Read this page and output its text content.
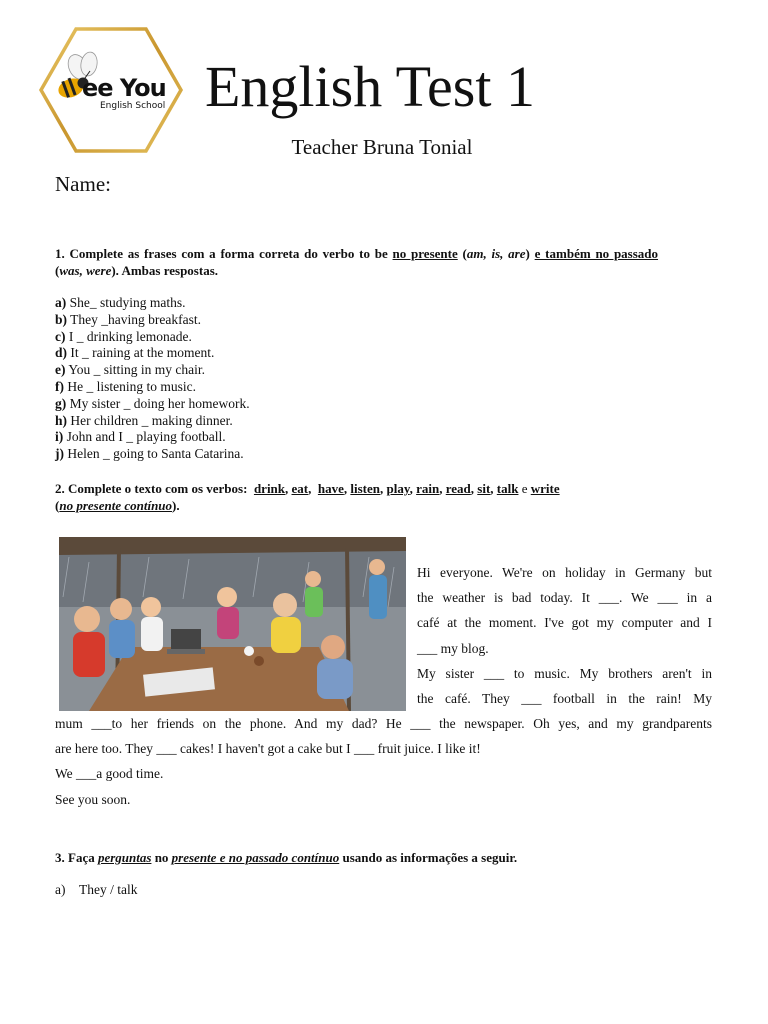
ee You
English School English Test 1
Teacher Bruna Tonial
Name:
1. Complete as frases com a forma correta do verbo to be no presente (am, is, are) e também no passado (was, were). Ambas respostas.
a) She_ studying maths.
b) They _having breakfast.
c) I _ drinking lemonade.
d) It _ raining at the moment.
e) You _ sitting in my chair.
f) He _ listening to music.
g) My sister _ doing her homework.
h) Her children _ making dinner.
i) John and I _ playing football.
j) Helen _ going to Santa Catarina.
2. Complete o texto com os verbos: drink, eat,  have, listen, play, rain, read, sit, talk e write
(no presente contínuo).
Hi everyone. We're on holiday in Germany but
the weather is bad today. It ___. We ___ in a
café at the moment. I've got my computer and I
___ my blog.
My sister ___ to music. My brothers aren't in
the café. They ___ football in the rain! My
mum ___to her friends on the phone. And my dad? He ___ the newspaper. Oh yes, and my grandparents
are here too. They ___ cakes! I haven't got a cake but I ___ fruit juice. I like it!
We ___a good time.
See you soon.
3. Faça perguntas no presente e no passado contínuo usando as informações a seguir.
a) They / talk
